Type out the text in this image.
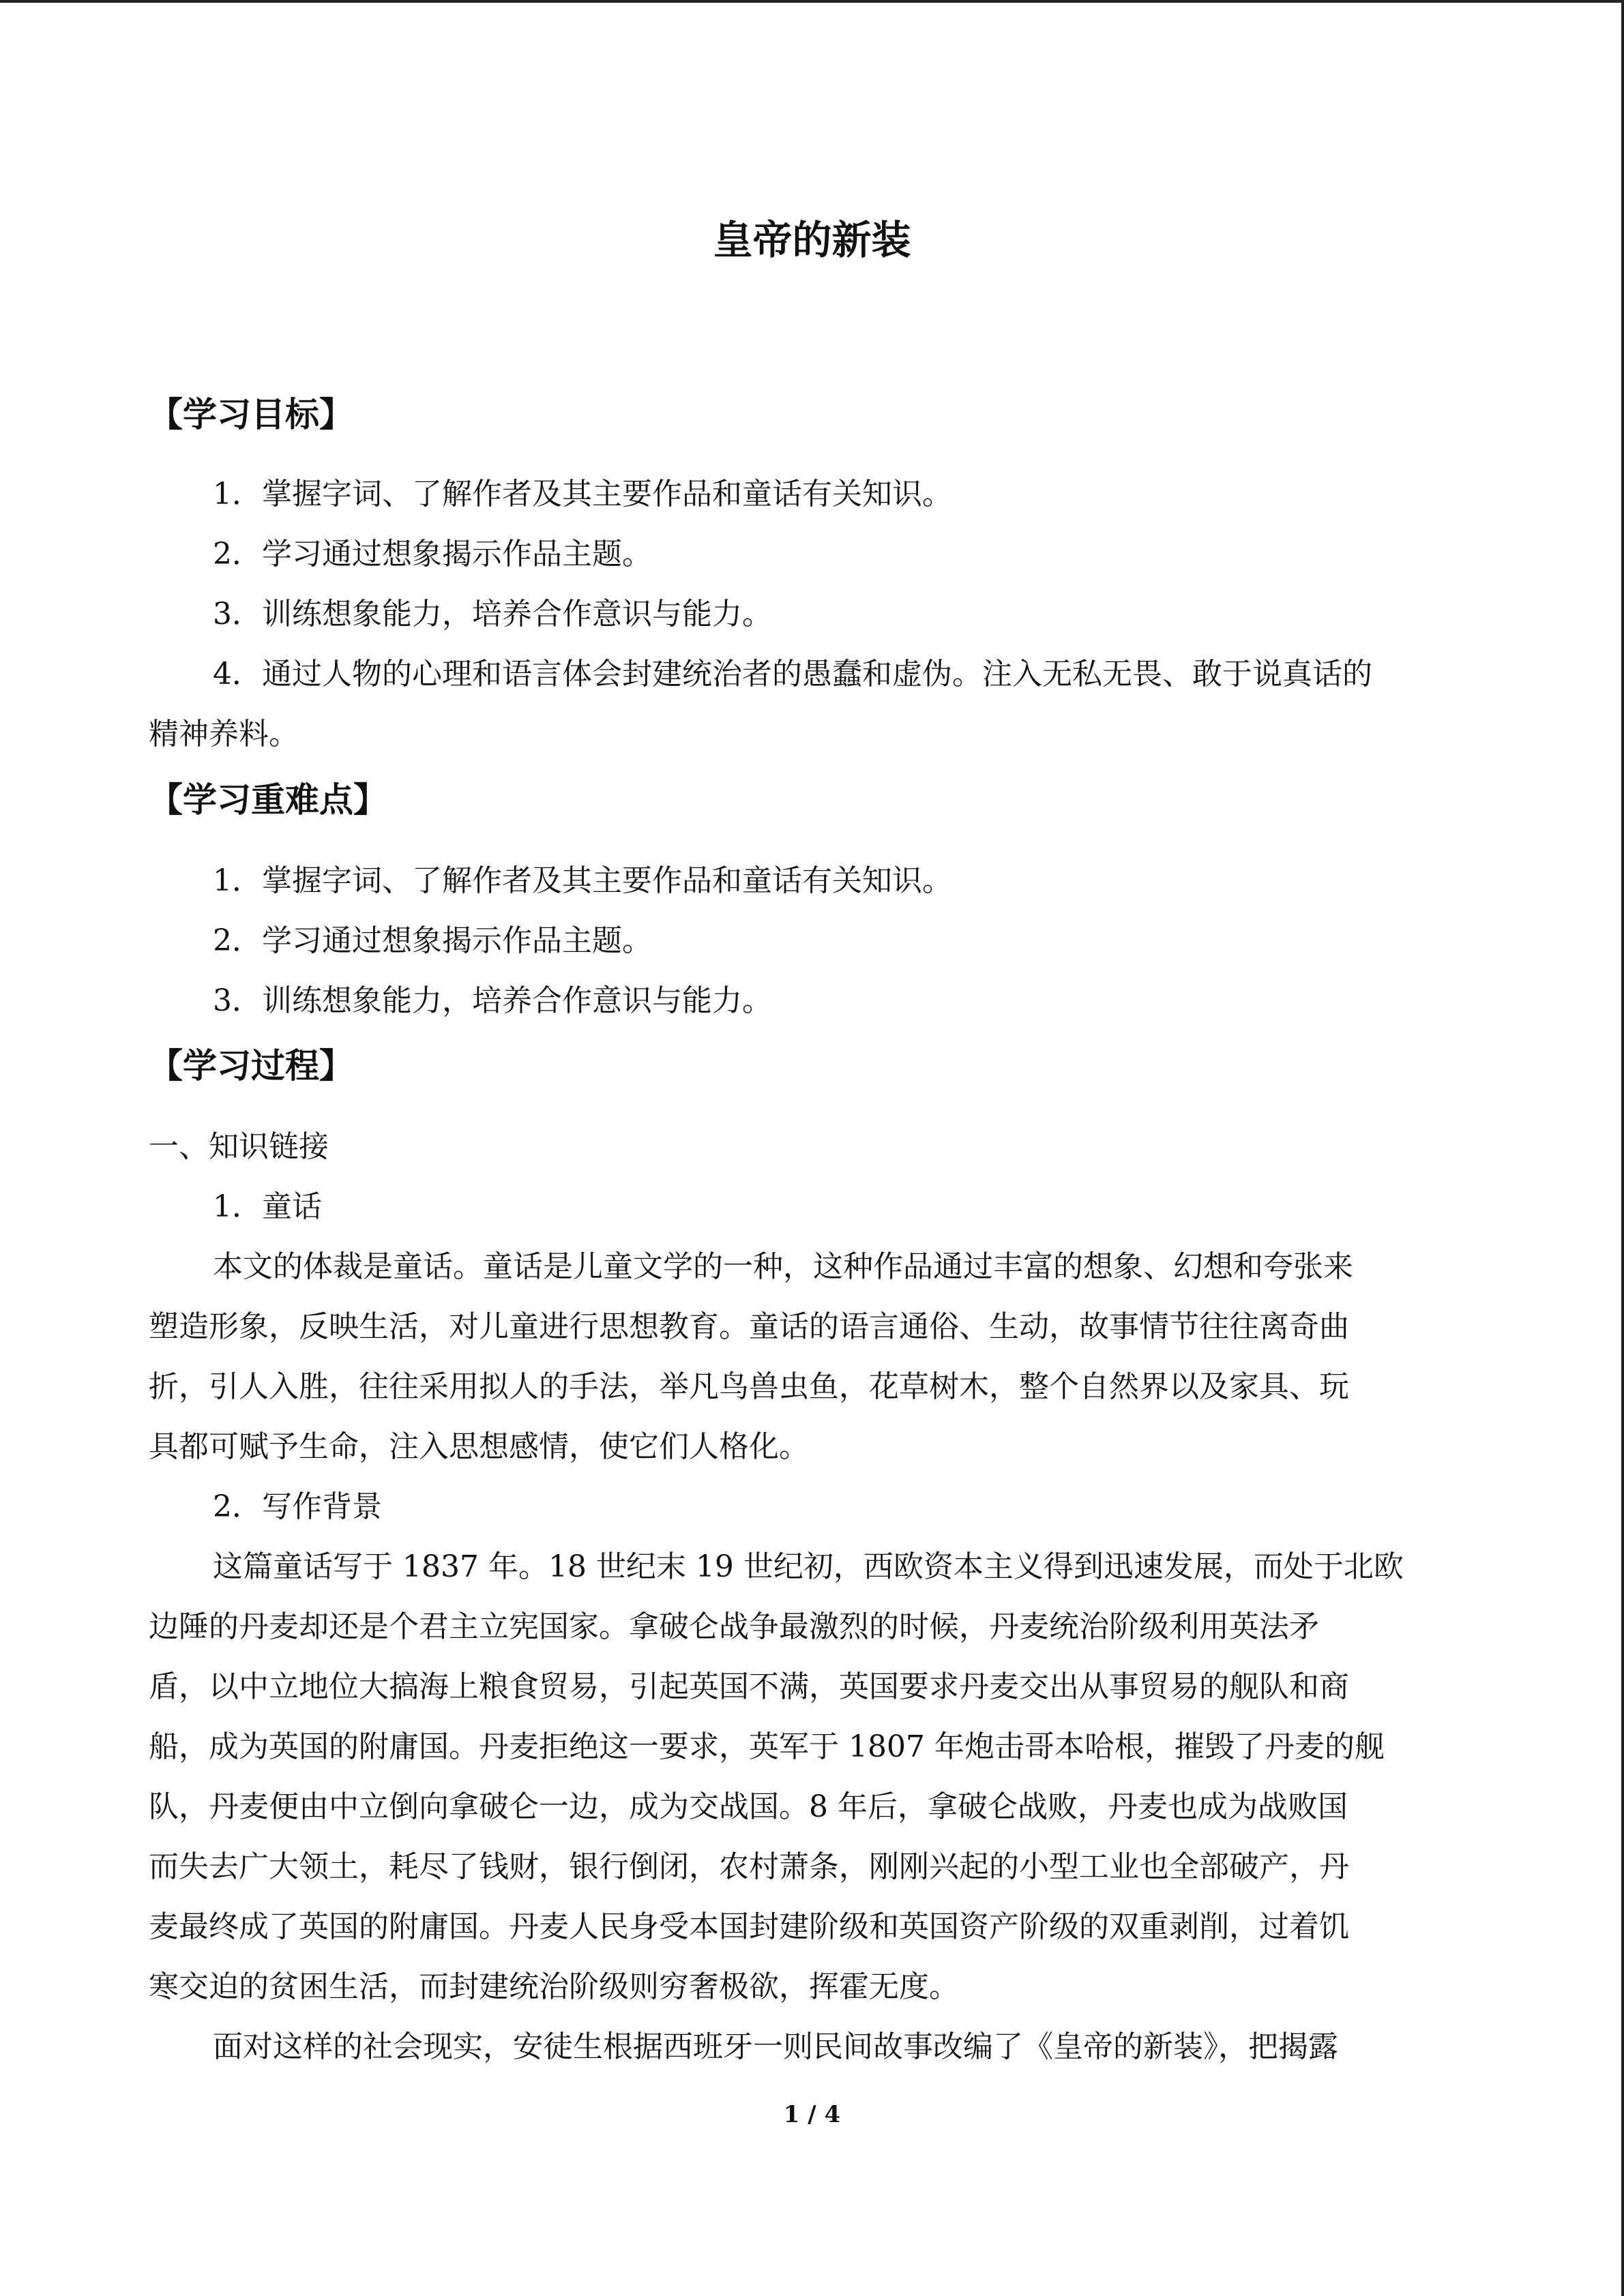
皇帝的新装
【学习目标】
1．掌握字词、了解作者及其主要作品和童话有关知识。
2．学习通过想象揭示作品主题。
3．训练想象能力，培养合作意识与能力。
4．通过人物的心理和语言体会封建统治者的愚蠢和虚伪。注入无私无畏、敢于说真话的
精神养料。
【学习重难点】
1．掌握字词、了解作者及其主要作品和童话有关知识。
2．学习通过想象揭示作品主题。
3．训练想象能力，培养合作意识与能力。
【学习过程】
一、知识链接
1．童话
本文的体裁是童话。童话是儿童文学的一种，这种作品通过丰富的想象、幻想和夸张来
塑造形象，反映生活，对儿童进行思想教育。童话的语言通俗、生动，故事情节往往离奇曲
折，引人入胜，往往采用拟人的手法，举凡鸟兽虫鱼，花草树木，整个自然界以及家具、玩
具都可赋予生命，注入思想感情，使它们人格化。
2．写作背景
这篇童话写于 1837 年。18 世纪末 19 世纪初，西欧资本主义得到迅速发展，而处于北欧
边陲的丹麦却还是个君主立宪国家。拿破仑战争最激烈的时候，丹麦统治阶级利用英法矛
盾，以中立地位大搞海上粮食贸易，引起英国不满，英国要求丹麦交出从事贸易的舰队和商
船，成为英国的附庸国。丹麦拒绝这一要求，英军于 1807 年炮击哥本哈根，摧毁了丹麦的舰
队，丹麦便由中立倒向拿破仑一边，成为交战国。8 年后，拿破仑战败，丹麦也成为战败国
而失去广大领土，耗尽了钱财，银行倒闭，农村萧条，刚刚兴起的小型工业也全部破产，丹
麦最终成了英国的附庸国。丹麦人民身受本国封建阶级和英国资产阶级的双重剥削，过着饥
寒交迫的贫困生活，而封建统治阶级则穷奢极欲，挥霍无度。
面对这样的社会现实，安徒生根据西班牙一则民间故事改编了《皇帝的新装》，把揭露
1 / 4
